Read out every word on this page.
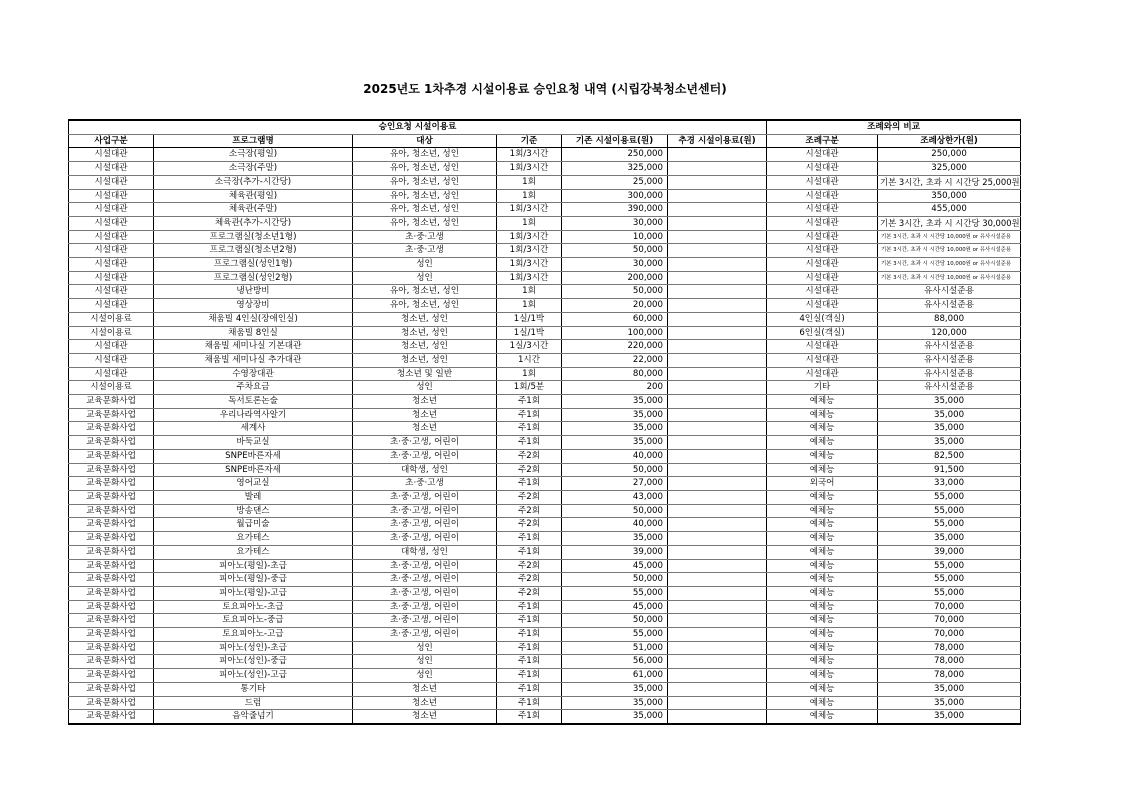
2025년도 1차추경 시설이용료 승인요청 내역 (시립강북청소년센터)
승인요청 시설이용료						조례와의 비교	
사업구분	프로그램명	대상	기준	기존 시설이용료(원)	추경 시설이용료(원)	조례구분	조례상한가(원)
시설대관	소극장(평일)	유아, 청소년, 성인	1회/3시간	250,000		시설대관	250,000
시설대관	소극장(주말)	유아, 청소년, 성인	1회/3시간	325,000		시설대관	325,000
시설대관	소극장(추가-시간당)	유아, 청소년, 성인	1회	25,000		시설대관	기본 3시간, 초과 시 시간당 25,000원
시설대관	체육관(평일)	유아, 청소년, 성인	1회	300,000		시설대관	350,000
시설대관	체육관(주말)	유아, 청소년, 성인	1회/3시간	390,000		시설대관	455,000
시설대관	체육관(추가-시간당)	유아, 청소년, 성인	1회	30,000		시설대관	기본 3시간, 초과 시 시간당 30,000원
시설대관	프로그램실(청소년1형)	초·중·고생	1회/3시간	10,000		시설대관	기본 3시간, 초과 시 시간당 10,000원 or 유사시설준용
시설대관	프로그램실(청소년2형)	초·중·고생	1회/3시간	50,000		시설대관	기본 3시간, 초과 시 시간당 10,000원 or 유사시설준용
시설대관	프로그램실(성인1형)	성인	1회/3시간	30,000		시설대관	기본 3시간, 초과 시 시간당 10,000원 or 유사시설준용
시설대관	프로그램실(성인2형)	성인	1회/3시간	200,000		시설대관	기본 3시간, 초과 시 시간당 10,000원 or 유사시설준용
시설대관	냉난방비	유아, 청소년, 성인	1회	50,000		시설대관	유사시설준용
시설대관	영상장비	유아, 청소년, 성인	1회	20,000		시설대관	유사시설준용
시설이용료	채움빌 4인실(장애인실)	청소년, 성인	1실/1박	60,000		4인실(객실)	88,000
시설이용료	채움빌 8인실	청소년, 성인	1실/1박	100,000		6인실(객실)	120,000
시설대관	채움빌 세미나실 기본대관	청소년, 성인	1실/3시간	220,000		시설대관	유사시설준용
시설대관	채움빌 세미나실 추가대관	청소년, 성인	1시간	22,000		시설대관	유사시설준용
시설대관	수영장대관	청소년 및 일반	1회	80,000		시설대관	유사시설준용
시설이용료	주차요금	성인	1회/5분	200		기타	유사시설준용
교육문화사업	독서토론논술	청소년	주1회	35,000		예체능	35,000
교육문화사업	우리나라역사알기	청소년	주1회	35,000		예체능	35,000
교육문화사업	세계사	청소년	주1회	35,000		예체능	35,000
교육문화사업	바둑교실	초·중·고생, 어린이	주1회	35,000		예체능	35,000
교육문화사업	SNPE바른자세	초·중·고생, 어린이	주2회	40,000		예체능	82,500
교육문화사업	SNPE바른자세	대학생, 성인	주2회	50,000		예체능	91,500
교육문화사업	영어교실	초·중·고생	주1회	27,000		외국어	33,000
교육문화사업	발레	초·중·고생, 어린이	주2회	43,000		예체능	55,000
교육문화사업	방송댄스	초·중·고생, 어린이	주2회	50,000		예체능	55,000
교육문화사업	월급미술	초·중·고생, 어린이	주2회	40,000		예체능	55,000
교육문화사업	요가테스	초·중·고생, 어린이	주1회	35,000		예체능	35,000
교육문화사업	요가테스	대학생, 성인	주1회	39,000		예체능	39,000
교육문화사업	피아노(평일)-초급	초·중·고생, 어린이	주2회	45,000		예체능	55,000
교육문화사업	피아노(평일)-중급	초·중·고생, 어린이	주2회	50,000		예체능	55,000
교육문화사업	피아노(평일)-고급	초·중·고생, 어린이	주2회	55,000		예체능	55,000
교육문화사업	토요피아노-초급	초·중·고생, 어린이	주1회	45,000		예체능	70,000
교육문화사업	토요피아노-중급	초·중·고생, 어린이	주1회	50,000		예체능	70,000
교육문화사업	토요피아노-고급	초·중·고생, 어린이	주1회	55,000		예체능	70,000
교육문화사업	피아노(성인)-초급	성인	주1회	51,000		예체능	78,000
교육문화사업	피아노(성인)-중급	성인	주1회	56,000		예체능	78,000
교육문화사업	피아노(성인)-고급	성인	주1회	61,000		예체능	78,000
교육문화사업	통기타	청소년	주1회	35,000		예체능	35,000
교육문화사업	드럼	청소년	주1회	35,000		예체능	35,000
교육문화사업	음악줄넘기	청소년	주1회	35,000		예체능	35,000
